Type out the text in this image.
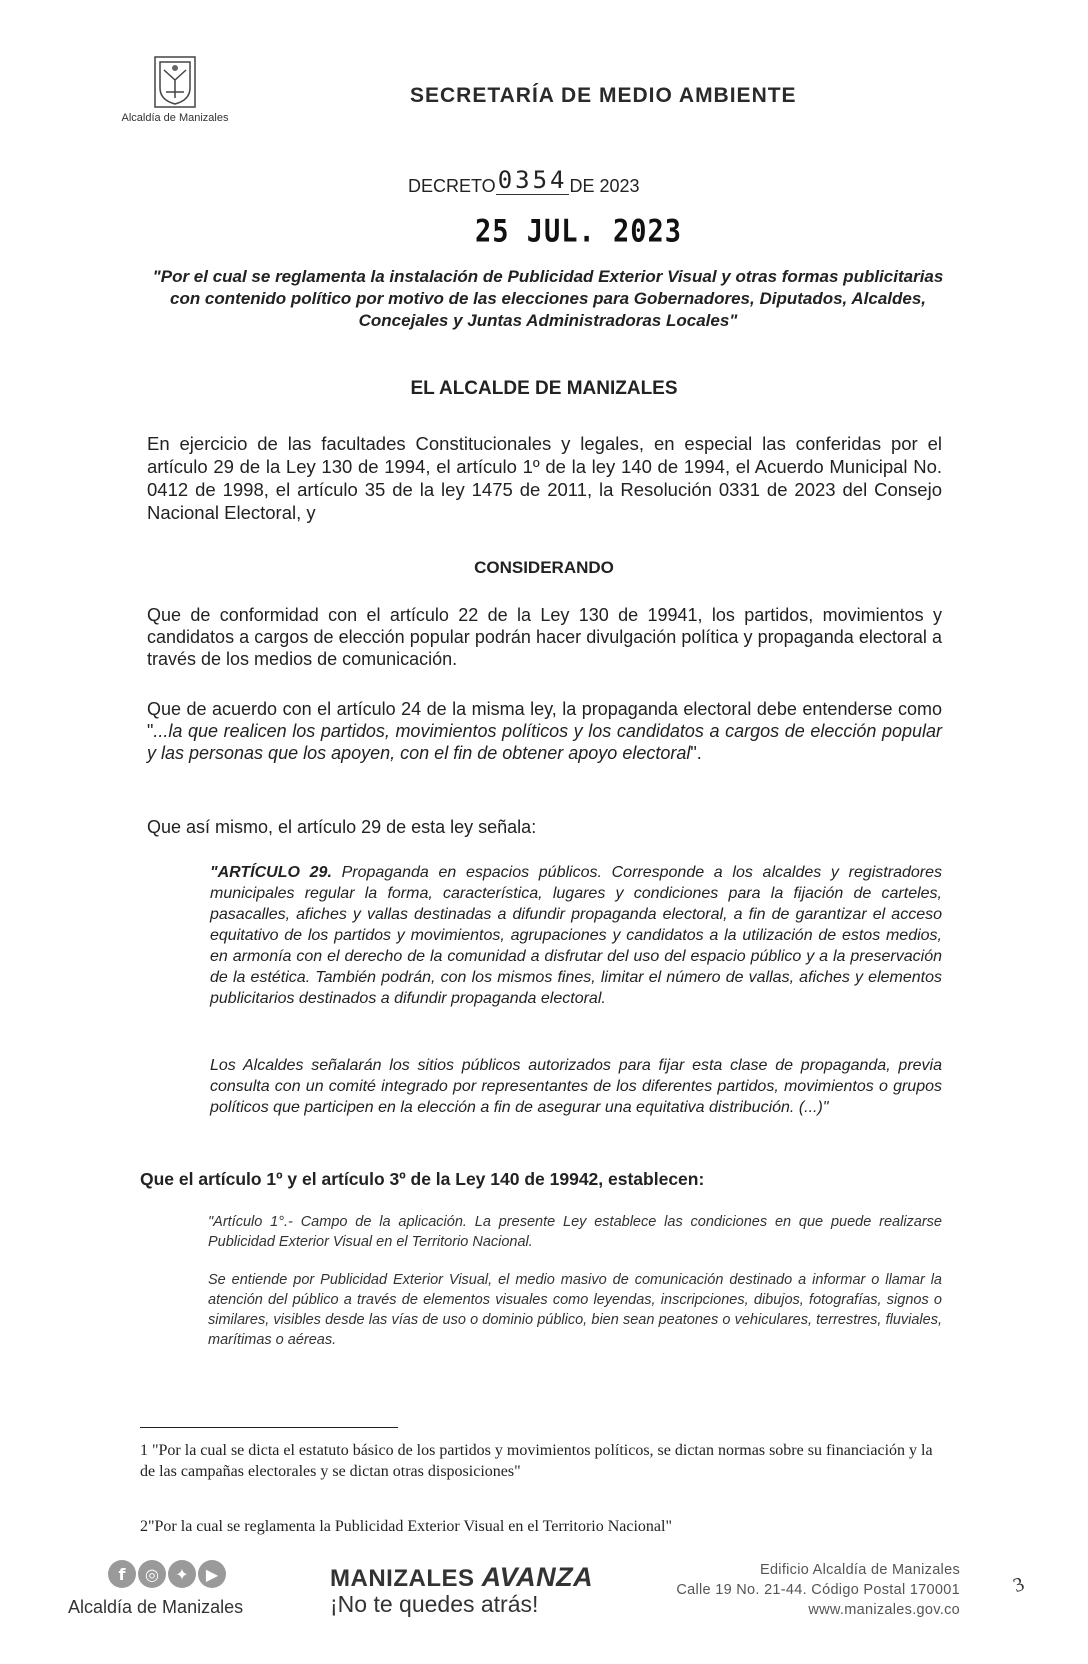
Alcaldía de Manizales
SECRETARÍA DE MEDIO AMBIENTE
DECRETO0354 DE 2023
25 JUL. 2023
"Por el cual se reglamenta la instalación de Publicidad Exterior Visual y otras formas publicitarias con contenido político por motivo de las elecciones para Gobernadores, Diputados, Alcaldes, Concejales y Juntas Administradoras Locales"
EL ALCALDE DE MANIZALES
En ejercicio de las facultades Constitucionales y legales, en especial las conferidas por el artículo 29 de la Ley 130 de 1994, el artículo 1º de la ley 140 de 1994, el Acuerdo Municipal No. 0412 de 1998, el artículo 35 de la ley 1475 de 2011, la Resolución 0331 de 2023 del Consejo Nacional Electoral, y
CONSIDERANDO
Que de conformidad con el artículo 22 de la Ley 130 de 19941, los partidos, movimientos y candidatos a cargos de elección popular podrán hacer divulgación política y propaganda electoral a través de los medios de comunicación.
Que de acuerdo con el artículo 24 de la misma ley, la propaganda electoral debe entenderse como "...la que realicen los partidos, movimientos políticos y los candidatos a cargos de elección popular y las personas que los apoyen, con el fin de obtener apoyo electoral".
Que así mismo, el artículo 29 de esta ley señala:
"ARTÍCULO 29. Propaganda en espacios públicos. Corresponde a los alcaldes y registradores municipales regular la forma, característica, lugares y condiciones para la fijación de carteles, pasacalles, afiches y vallas destinadas a difundir propaganda electoral, a fin de garantizar el acceso equitativo de los partidos y movimientos, agrupaciones y candidatos a la utilización de estos medios, en armonía con el derecho de la comunidad a disfrutar del uso del espacio público y a la preservación de la estética. También podrán, con los mismos fines, limitar el número de vallas, afiches y elementos publicitarios destinados a difundir propaganda electoral.
Los Alcaldes señalarán los sitios públicos autorizados para fijar esta clase de propaganda, previa consulta con un comité integrado por representantes de los diferentes partidos, movimientos o grupos políticos que participen en la elección a fin de asegurar una equitativa distribución. (...)"
Que el artículo 1º y el artículo 3º de la Ley 140 de 19942, establecen:
"Artículo 1°.- Campo de la aplicación. La presente Ley establece las condiciones en que puede realizarse Publicidad Exterior Visual en el Territorio Nacional.
Se entiende por Publicidad Exterior Visual, el medio masivo de comunicación destinado a informar o llamar la atención del público a través de elementos visuales como leyendas, inscripciones, dibujos, fotografías, signos o similares, visibles desde las vías de uso o dominio público, bien sean peatones o vehiculares, terrestres, fluviales, marítimas o aéreas.
1 "Por la cual se dicta el estatuto básico de los partidos y movimientos políticos, se dictan normas sobre su financiación y la de las campañas electorales y se dictan otras disposiciones"
2"Por la cual se reglamenta la Publicidad Exterior Visual en el Territorio Nacional"
f	◎	✦	▶
Alcaldía de Manizales
MANIZALES AVANZA
¡No te quedes atrás!
Edificio Alcaldía de Manizales
Calle 19 No. 21-44. Código Postal 170001
www.manizales.gov.co
3
